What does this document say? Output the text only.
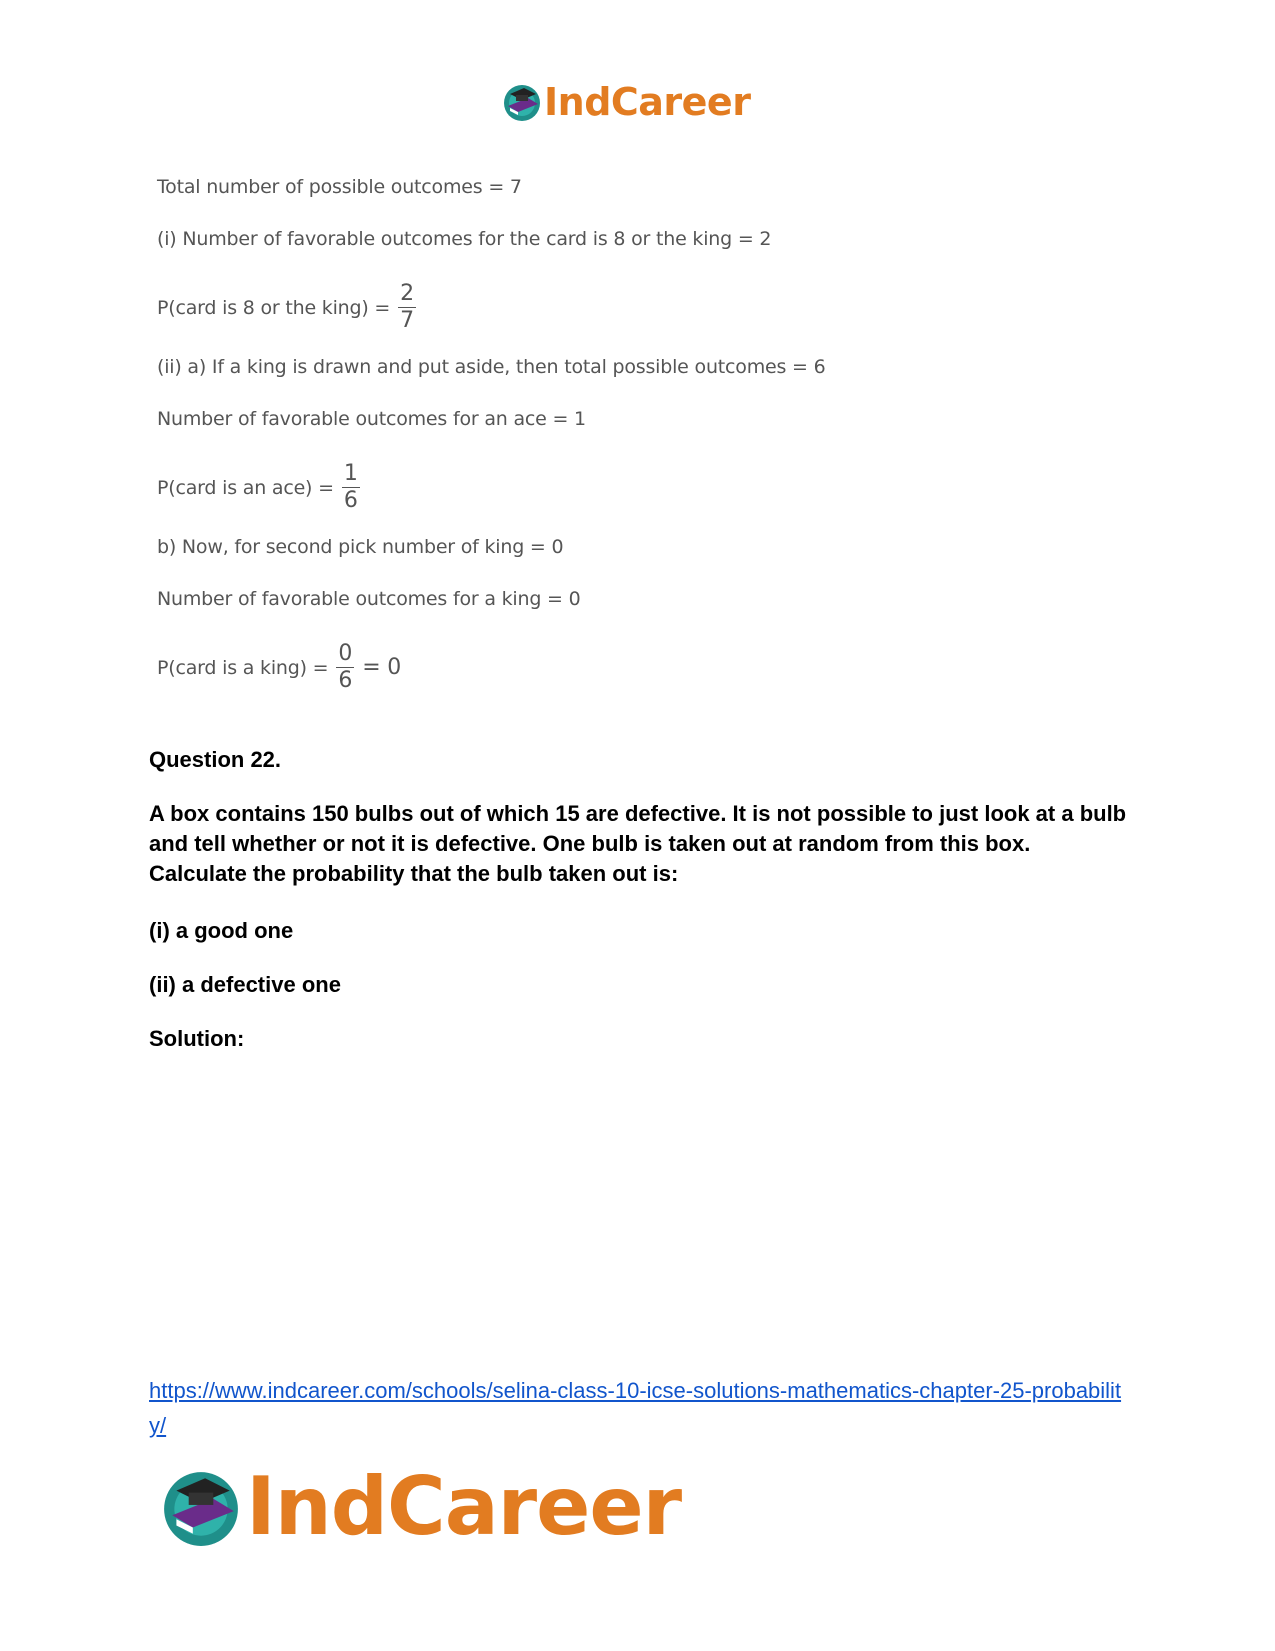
IndCareer
Total number of possible outcomes = 7
(i) Number of favorable outcomes for the card is 8 or the king = 2
P(card is 8 or the king) = $\frac{2}{7}$
(ii) a) If a king is drawn and put aside, then total possible outcomes = 6
Number of favorable outcomes for an ace = 1
P(card is an $ace) = \frac{1}{6}$
b) Now, for second pick number of king = 0
Number of favorable outcomes for a king = 0
P(card is a king) = $\frac{0}{6} = 0$
Question 22.
A box contains 150 bulbs out of which 15 are defective. It is not possible to just look at a bulb and tell whether or not it is defective. One bulb is taken out at random from this box. Calculate the probability that the bulb taken out is:
(i) a good one
(ii) a defective one
Solution:
https://www.indcareer.com/schools/selina-class-10-icse-solutions-mathematics-chapter-25-probability/
IndCareer
